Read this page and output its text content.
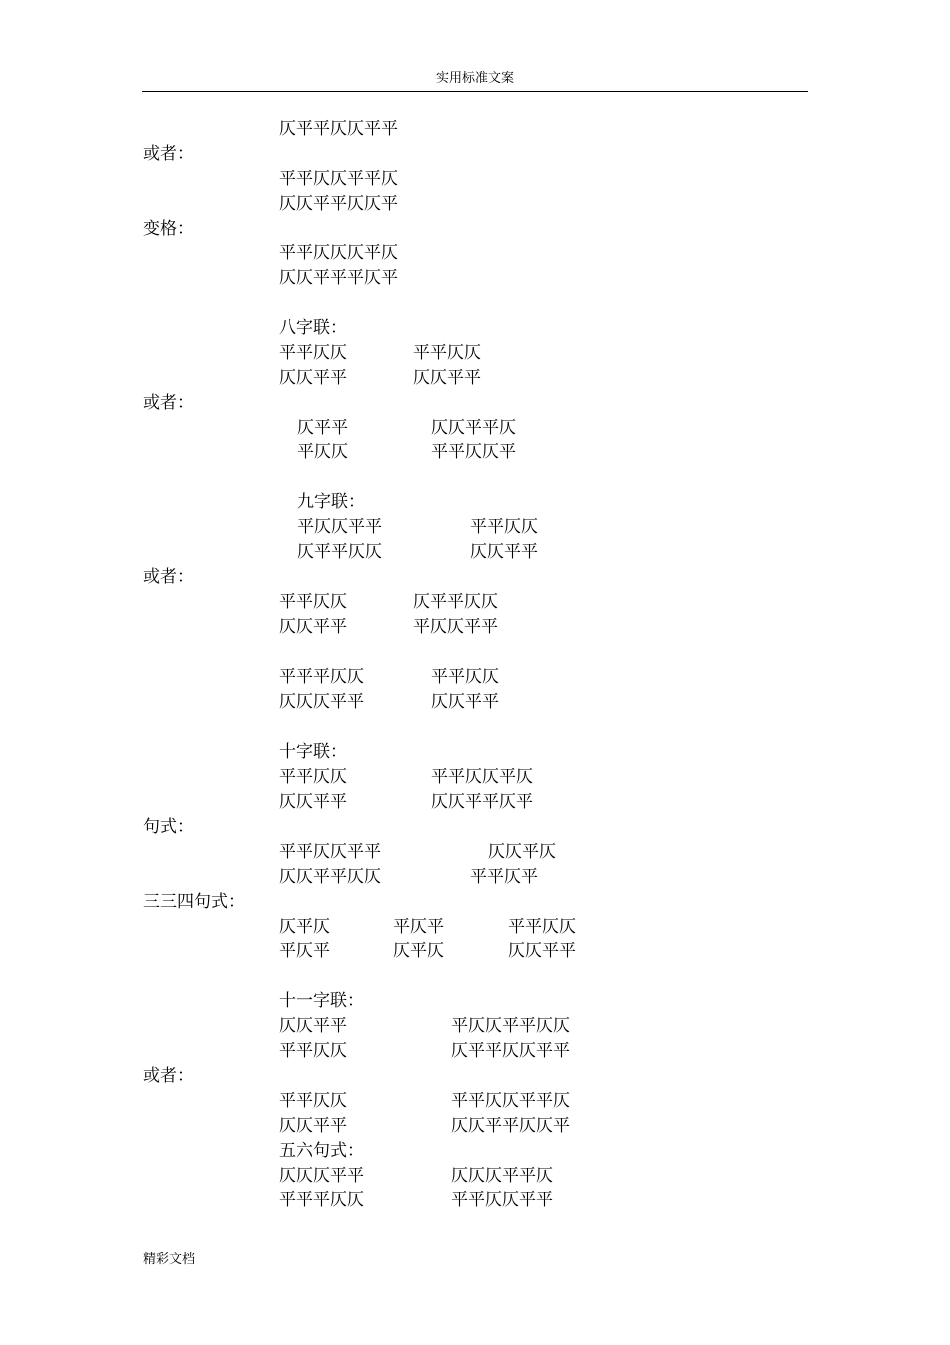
实用标准文案
仄平平仄仄平平
或者：
平平仄仄平平仄
仄仄平平仄仄平
变格：
平平仄仄仄平仄
仄仄平平平仄平
八字联：
平平仄仄	平平仄仄
仄仄平平	仄仄平平
或者：
仄平平	仄仄平平仄
平仄仄	平平仄仄平
九字联：
平仄仄平平	平平仄仄
仄平平仄仄	仄仄平平
或者：
平平仄仄	仄平平仄仄
仄仄平平	平仄仄平平
平平平仄仄	平平仄仄
仄仄仄平平	仄仄平平
十字联：
平平仄仄	平平仄仄平仄
仄仄平平	仄仄平平仄平
句式：
平平仄仄平平	仄仄平仄
仄仄平平仄仄	平平仄平
三三四句式：
仄平仄	平仄平	平平仄仄
平仄平	仄平仄	仄仄平平
十一字联：
仄仄平平	平仄仄平平仄仄
平平仄仄	仄平平仄仄平平
或者：
平平仄仄	平平仄仄平平仄
仄仄平平	仄仄平平仄仄平
五六句式：
仄仄仄平平	仄仄仄平平仄
平平平仄仄	平平仄仄平平
精彩文档
